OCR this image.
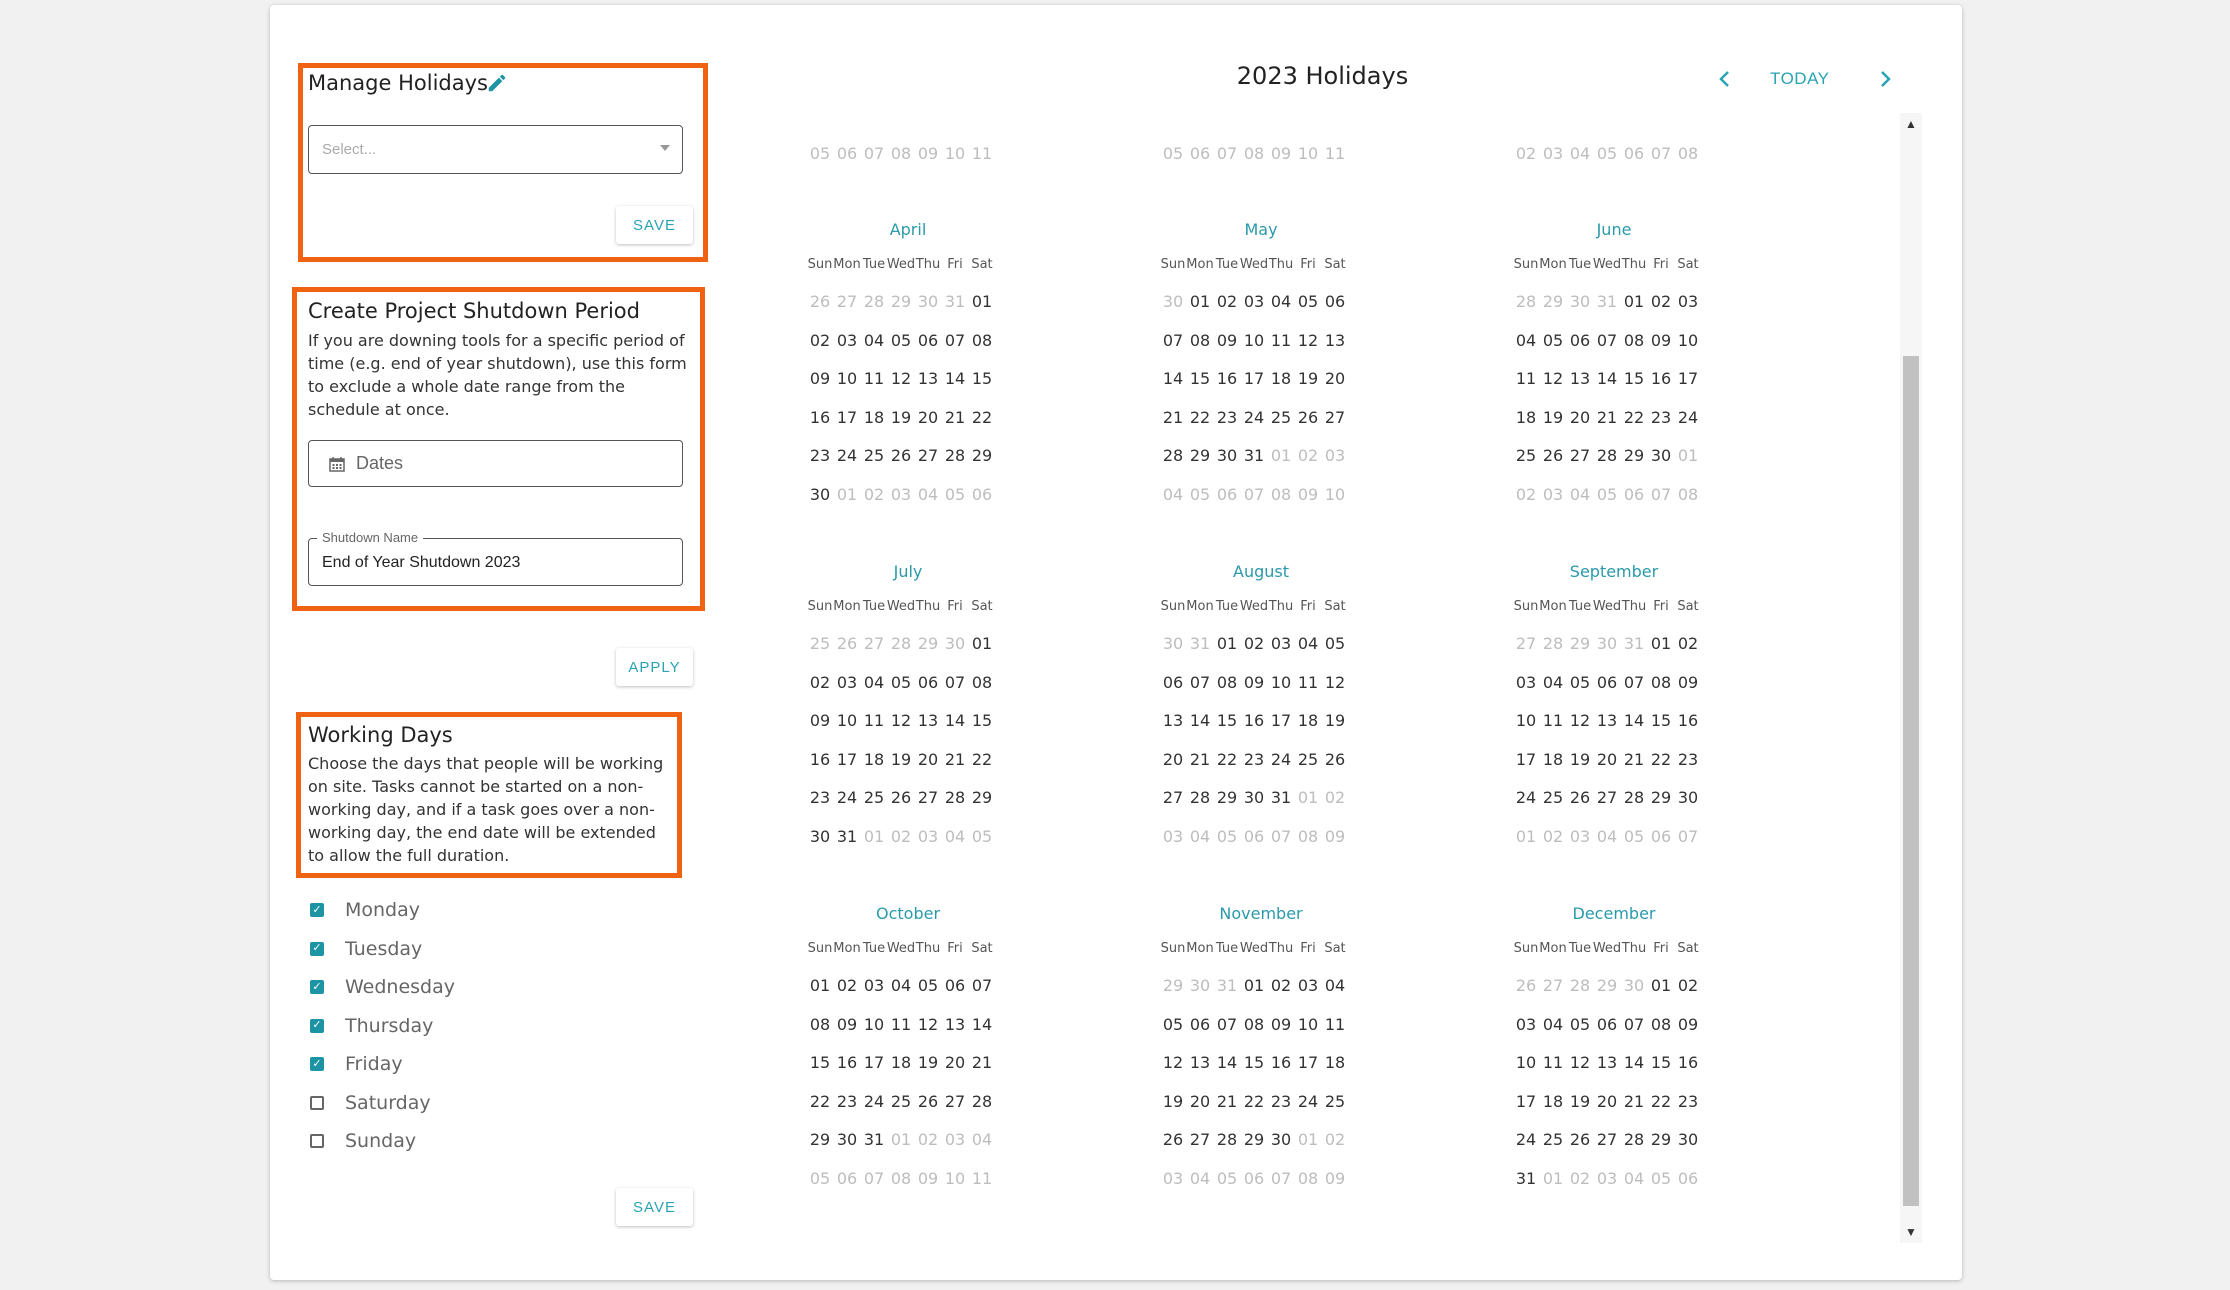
Manage Holidays
Select...
SAVE
Create Project Shutdown Period
If you are downing tools for a specific period of time (e.g. end of year shutdown), use this form to exclude a whole date range from the schedule at once.
Dates
Shutdown Name
End of Year Shutdown 2023
APPLY
Working Days
Choose the days that people will be working on site. Tasks cannot be started on a non-working day, and if a task goes over a non-working day, the end date will be extended to allow the full duration.
✓ Monday
✓ Tuesday
✓ Wednesday
✓ Thursday
✓ Friday
Saturday
Sunday
SAVE
2023 Holidays	TODAY
05 06 07 08 09 10 11	05 06 07 08 09 10 11	02 03 04 05 06 07 08
April
Sun Mon Tue Wed Thu Fri Sat
26 27 28 29 30 31 01
02 03 04 05 06 07 08
09 10 11 12 13 14 15
16 17 18 19 20 21 22
23 24 25 26 27 28 29
30 01 02 03 04 05 06
May
Sun Mon Tue Wed Thu Fri Sat
30 01 02 03 04 05 06
07 08 09 10 11 12 13
14 15 16 17 18 19 20
21 22 23 24 25 26 27
28 29 30 31 01 02 03
04 05 06 07 08 09 10
June
Sun Mon Tue Wed Thu Fri Sat
28 29 30 31 01 02 03
04 05 06 07 08 09 10
11 12 13 14 15 16 17
18 19 20 21 22 23 24
25 26 27 28 29 30 01
02 03 04 05 06 07 08
July
Sun Mon Tue Wed Thu Fri Sat
25 26 27 28 29 30 01
02 03 04 05 06 07 08
09 10 11 12 13 14 15
16 17 18 19 20 21 22
23 24 25 26 27 28 29
30 31 01 02 03 04 05
August
Sun Mon Tue Wed Thu Fri Sat
30 31 01 02 03 04 05
06 07 08 09 10 11 12
13 14 15 16 17 18 19
20 21 22 23 24 25 26
27 28 29 30 31 01 02
03 04 05 06 07 08 09
September
Sun Mon Tue Wed Thu Fri Sat
27 28 29 30 31 01 02
03 04 05 06 07 08 09
10 11 12 13 14 15 16
17 18 19 20 21 22 23
24 25 26 27 28 29 30
01 02 03 04 05 06 07
October
Sun Mon Tue Wed Thu Fri Sat
01 02 03 04 05 06 07
08 09 10 11 12 13 14
15 16 17 18 19 20 21
22 23 24 25 26 27 28
29 30 31 01 02 03 04
05 06 07 08 09 10 11
November
Sun Mon Tue Wed Thu Fri Sat
29 30 31 01 02 03 04
05 06 07 08 09 10 11
12 13 14 15 16 17 18
19 20 21 22 23 24 25
26 27 28 29 30 01 02
03 04 05 06 07 08 09
December
Sun Mon Tue Wed Thu Fri Sat
26 27 28 29 30 01 02
03 04 05 06 07 08 09
10 11 12 13 14 15 16
17 18 19 20 21 22 23
24 25 26 27 28 29 30
31 01 02 03 04 05 06
▲
▼
